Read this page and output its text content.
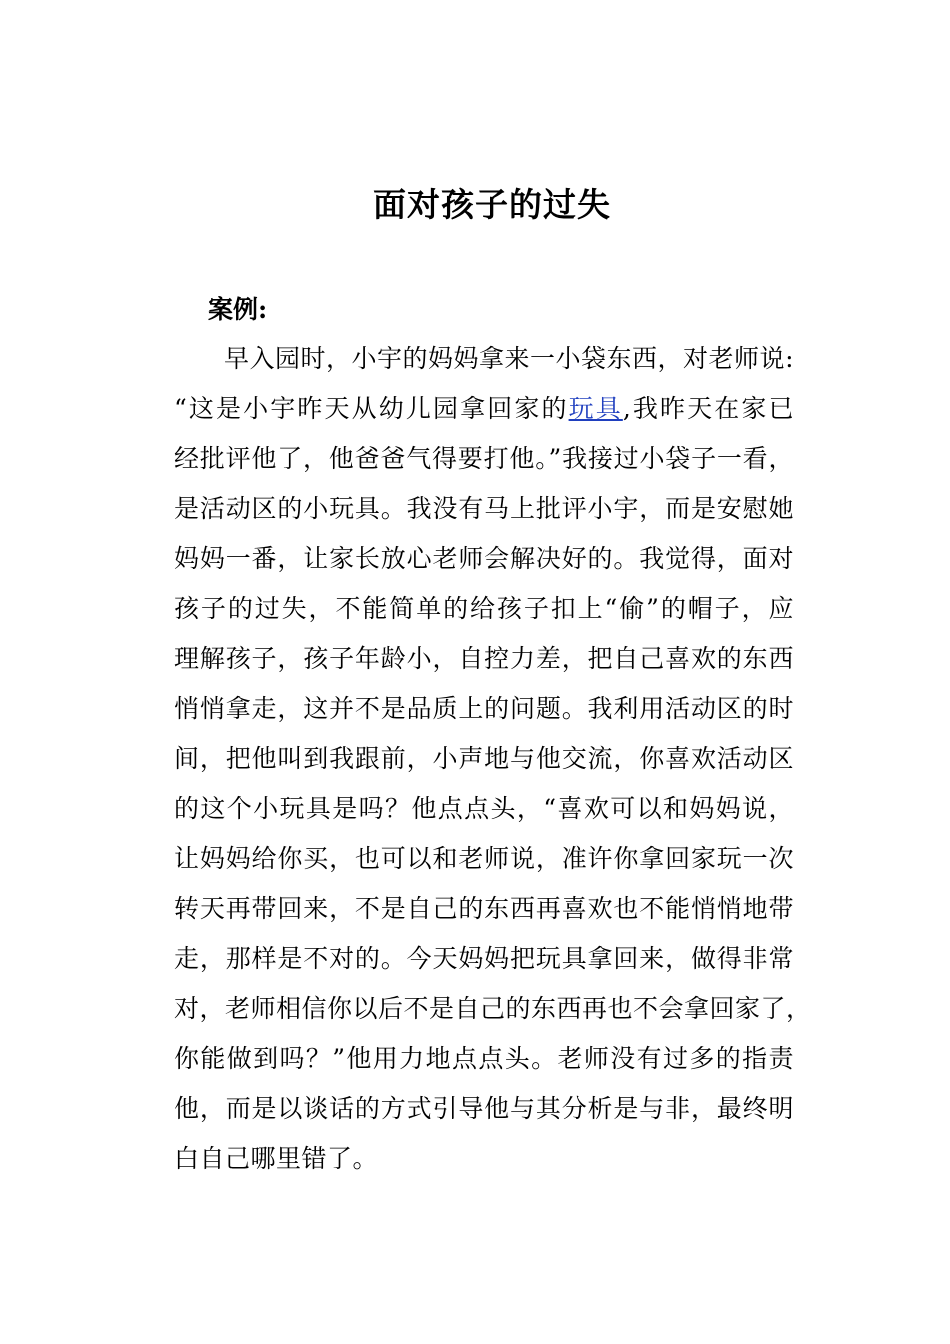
面对孩子的过失

案例:

早入园时，小宇的妈妈拿来一小袋东西，对老师说:
“这是小宇昨天从幼儿园拿回家的玩具,我昨天在家已
经批评他了，他爸爸气得要打他。”我接过小袋子一看，
是活动区的小玩具。我没有马上批评小宇，而是安慰她
妈妈一番，让家长放心老师会解决好的。我觉得，面对
孩子的过失，不能简单的给孩子扣上“偷”的帽子，应
理解孩子，孩子年龄小，自控力差，把自己喜欢的东西
悄悄拿走，这并不是品质上的问题。我利用活动区的时
间，把他叫到我跟前，小声地与他交流，你喜欢活动区
的这个小玩具是吗？他点点头，“喜欢可以和妈妈说，
让妈妈给你买，也可以和老师说，准许你拿回家玩一次
转天再带回来，不是自己的东西再喜欢也不能悄悄地带
走，那样是不对的。今天妈妈把玩具拿回来，做得非常
对，老师相信你以后不是自己的东西再也不会拿回家了，
你能做到吗？”他用力地点点头。老师没有过多的指责
他，而是以谈话的方式引导他与其分析是与非，最终明
白自己哪里错了。
